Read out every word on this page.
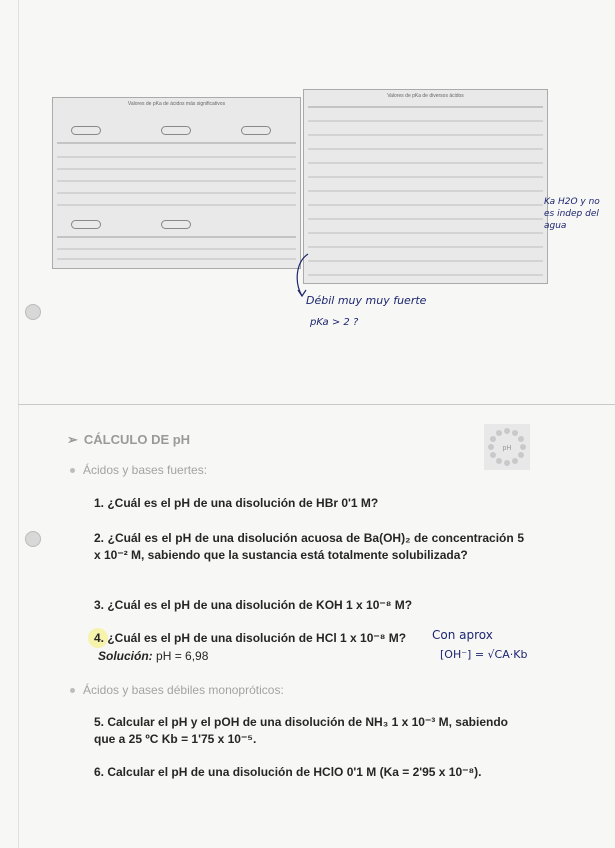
Valores de pKa de ácidos más significativos
Valores de pKa de diversos ácidos
Ka H2O y no es indep del agua
Débil muy muy fuerte
pKa > 2 ?
➢ CÁLCULO DE pH
pH
Ácidos y bases fuertes:
1. ¿Cuál es el pH de una disolución de HBr 0'1 M?
2. ¿Cuál es el pH de una disolución acuosa de Ba(OH)₂ de concentración 5 x 10⁻² M, sabiendo que la sustancia está totalmente solubilizada?
3. ¿Cuál es el pH de una disolución de KOH 1 x 10⁻⁸ M?
4. ¿Cuál es el pH de una disolución de HCl 1 x 10⁻⁸ M?
Solución: pH = 6,98
Con aprox
[OH⁻] = √CA·Kb
Ácidos y bases débiles monopróticos:
5. Calcular el pH y el pOH de una disolución de NH₃ 1 x 10⁻³ M, sabiendo que a 25 ºC Kb = 1'75 x 10⁻⁵.
6. Calcular el pH de una disolución de HClO 0'1 M (Ka = 2'95 x 10⁻⁸).
